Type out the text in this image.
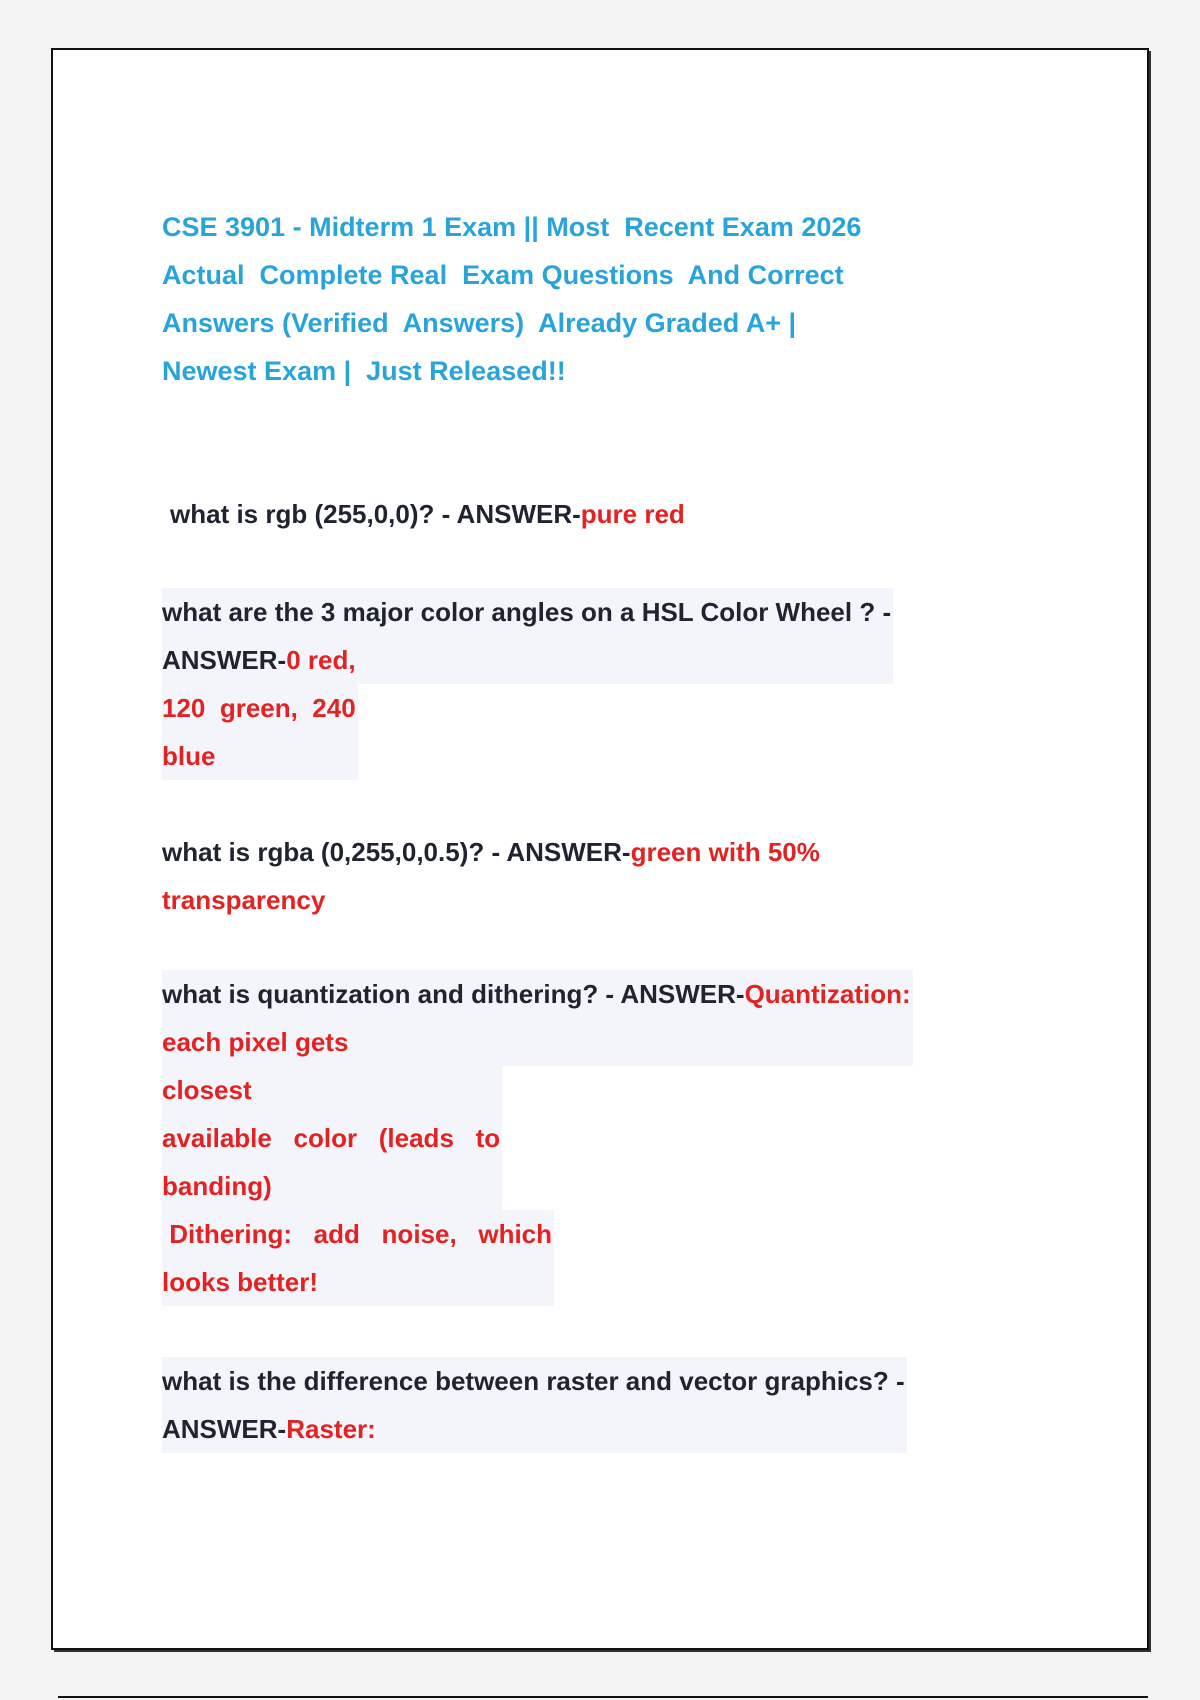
CSE 3901 - Midterm 1 Exam || Most  Recent Exam 2026
Actual  Complete Real  Exam Questions  And Correct
Answers (Verified  Answers)  Already Graded A+ |
Newest Exam |  Just Released!!
what is rgb (255,0,0)? - ANSWER-pure red
what are the 3 major color angles on a HSL Color Wheel ? -
ANSWER-0 red,

120  green,  240
blue
what is rgba (0,255,0,0.5)? - ANSWER-green with 50%
transparency
what is quantization and dithering? - ANSWER-Quantization:
each pixel gets

closest
available   color   (leads   to
banding)

Dithering:   add   noise,   which
looks better!
what is the difference between raster and vector graphics? -
ANSWER-Raster:
